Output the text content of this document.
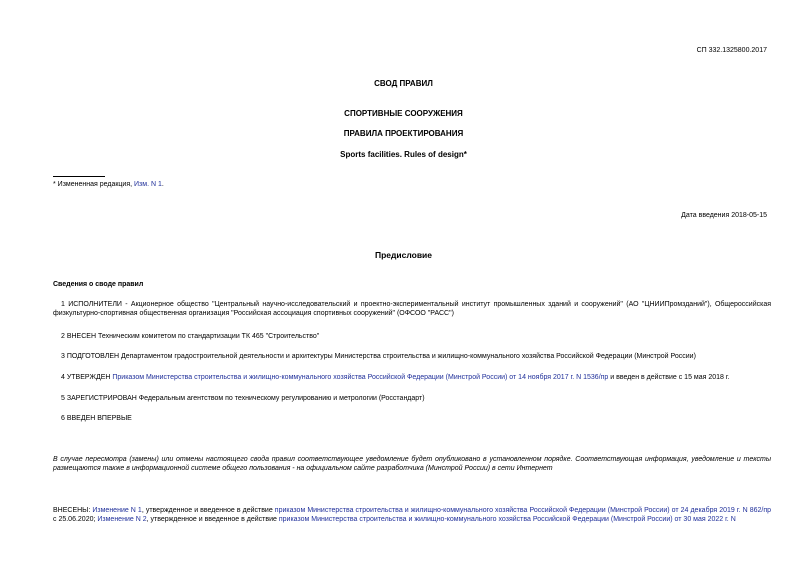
СП 332.1325800.2017
СВОД ПРАВИЛ
СПОРТИВНЫЕ СООРУЖЕНИЯ
ПРАВИЛА ПРОЕКТИРОВАНИЯ
Sports facilities. Rules of design*
* Измененная редакция, Изм. N 1.
Дата введения 2018-05-15
Предисловие
Сведения о своде правил
1 ИСПОЛНИТЕЛИ - Акционерное общество "Центральный научно-исследовательский и проектно-экспериментальный институт промышленных зданий и сооружений" (АО "ЦНИИПромзданий"), Общероссийская физкультурно-спортивная общественная организация "Российская ассоциация спортивных сооружений" (ОФСОО "РАСС")
2 ВНЕСЕН Техническим комитетом по стандартизации ТК 465 "Строительство"
3 ПОДГОТОВЛЕН Департаментом градостроительной деятельности и архитектуры Министерства строительства и жилищно-коммунального хозяйства Российской Федерации (Минстрой России)
4 УТВЕРЖДЕН Приказом Министерства строительства и жилищно-коммунального хозяйства Российской Федерации (Минстрой России) от 14 ноября 2017 г. N 1536/пр и введен в действие с 15 мая 2018 г.
5 ЗАРЕГИСТРИРОВАН Федеральным агентством по техническому регулированию и метрологии (Росстандарт)
6 ВВЕДЕН ВПЕРВЫЕ
В случае пересмотра (замены) или отмены настоящего свода правил соответствующее уведомление будет опубликовано в установленном порядке. Соответствующая информация, уведомление и тексты размещаются также в информационной системе общего пользования - на официальном сайте разработчика (Минстрой России) в сети Интернет
ВНЕСЕНЫ: Изменение N 1, утвержденное и введенное в действие приказом Министерства строительства и жилищно-коммунального хозяйства Российской Федерации (Минстрой России) от 24 декабря 2019 г. N 862/пр с 25.06.2020; Изменение N 2, утвержденное и введенное в действие приказом Министерства строительства и жилищно-коммунального хозяйства Российской Федерации (Минстрой России) от 30 мая 2022 г. N
